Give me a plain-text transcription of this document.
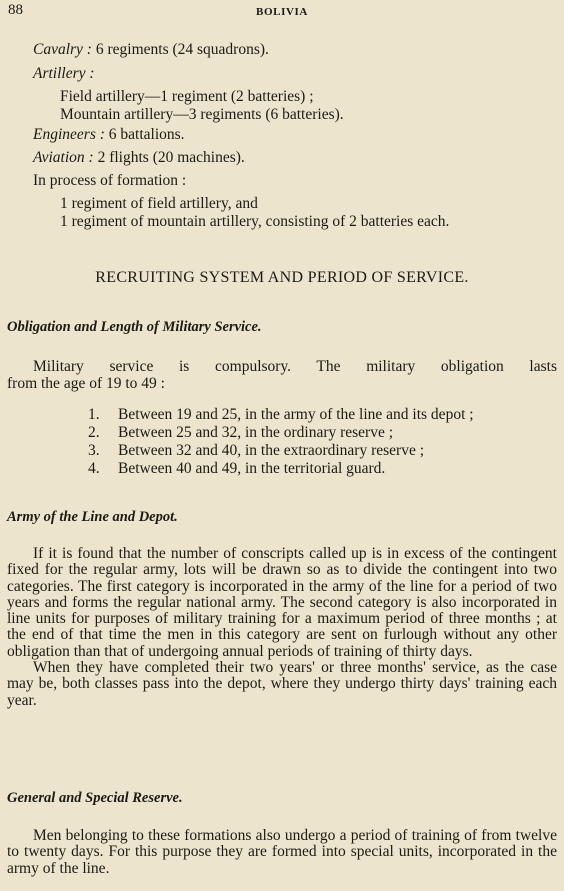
88	BOLIVIA
Cavalry : 6 regiments (24 squadrons).
Artillery :
Field artillery—1 regiment (2 batteries) ;
Mountain artillery—3 regiments (6 batteries).
Engineers : 6 battalions.
Aviation : 2 flights (20 machines).
In process of formation :
1 regiment of field artillery, and
1 regiment of mountain artillery, consisting of 2 batteries each.
RECRUITING SYSTEM AND PERIOD OF SERVICE.
Obligation and Length of Military Service.
Military service is compulsory. The military obligation lasts
from the age of 19 to 49 :
1. Between 19 and 25, in the army of the line and its depot ;
2. Between 25 and 32, in the ordinary reserve ;
3. Between 32 and 40, in the extraordinary reserve ;
4. Between 40 and 49, in the territorial guard.
Army of the Line and Depot.

If it is found that the number of conscripts called up is in excess of the contingent fixed for the regular army, lots will be drawn so as to divide the contingent into two categories. The first category is incorporated in the army of the line for a period of two years and forms the regular national army. The second category is also incorporated in line units for purposes of military training for a maximum period of three months ; at the end of that time the men in this category are sent on furlough without any other obligation than that of undergoing annual periods of training of thirty days.

When they have completed their two years' or three months' service, as the case may be, both classes pass into the depot, where they undergo thirty days' training each year.

General and Special Reserve.

Men belonging to these formations also undergo a period of training of from twelve to twenty days. For this purpose they are formed into special units, incorporated in the army of the line.
